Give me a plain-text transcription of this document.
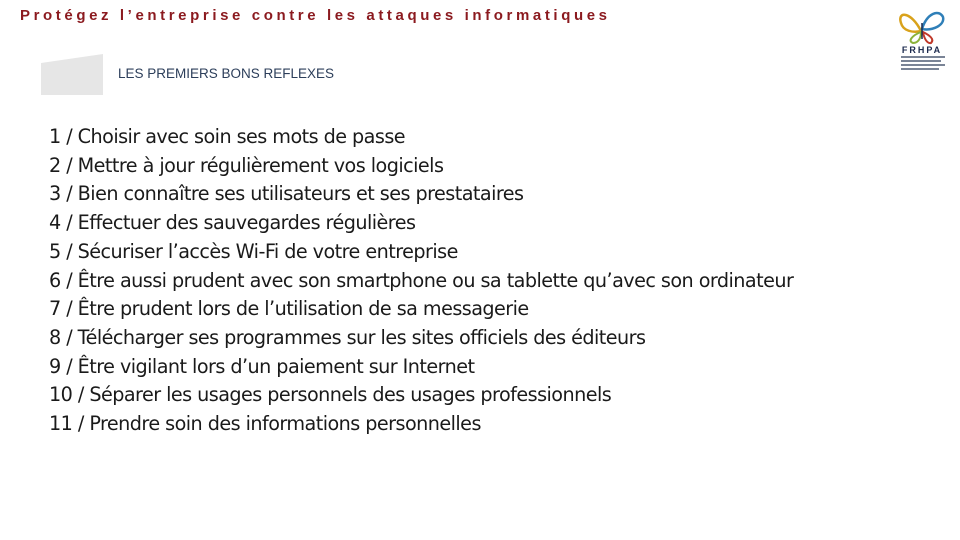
Protégez l’entreprise contre les attaques informatiques
LES PREMIERS BONS REFLEXES
1 / Choisir avec soin ses mots de passe
2 / Mettre à jour régulièrement vos logiciels
3 / Bien connaître ses utilisateurs et ses prestataires
4 / Effectuer des sauvegardes régulières
5 / Sécuriser l’accès Wi-Fi de votre entreprise
6 / Être aussi prudent avec son smartphone ou sa tablette qu’avec son ordinateur
7 / Être prudent lors de l’utilisation de sa messagerie
8 / Télécharger ses programmes sur les sites officiels des éditeurs
9 / Être vigilant lors d’un paiement sur Internet
10 / Séparer les usages personnels des usages professionnels
11 / Prendre soin des informations personnelles
FRHPA
